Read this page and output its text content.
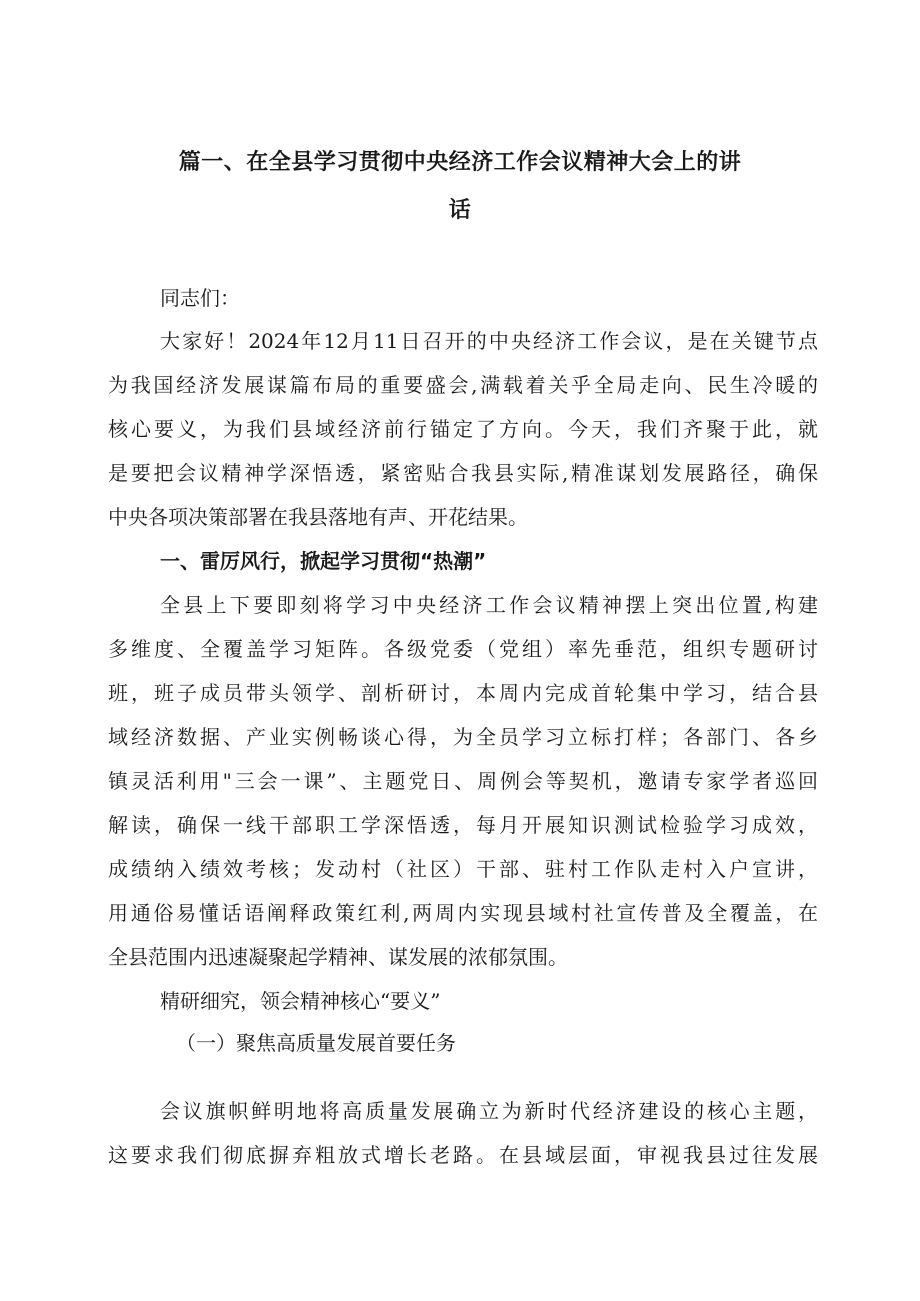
篇一、在全县学习贯彻中央经济工作会议精神大会上的讲
话
同志们：
大家好！2024年12月11日召开的中央经济工作会议，是在关键节点
为我国经济发展谋篇布局的重要盛会,满载着关乎全局走向、民生冷暖的
核心要义，为我们县域经济前行锚定了方向。今天，我们齐聚于此，就
是要把会议精神学深悟透，紧密贴合我县实际,精准谋划发展路径，确保
中央各项决策部署在我县落地有声、开花结果。
一、雷厉风行，掀起学习贯彻“热潮”
全县上下要即刻将学习中央经济工作会议精神摆上突出位置,构建
多维度、全覆盖学习矩阵。各级党委（党组）率先垂范，组织专题研讨
班，班子成员带头领学、剖析研讨，本周内完成首轮集中学习，结合县
域经济数据、产业实例畅谈心得，为全员学习立标打样；各部门、各乡
镇灵活利用"三会一课”、主题党日、周例会等契机，邀请专家学者巡回
解读，确保一线干部职工学深悟透，每月开展知识测试检验学习成效，
成绩纳入绩效考核；发动村（社区）干部、驻村工作队走村入户宣讲，
用通俗易懂话语阐释政策红利,两周内实现县域村社宣传普及全覆盖，在
全县范围内迅速凝聚起学精神、谋发展的浓郁氛围。
精研细究，领会精神核心“要义”
（一）聚焦高质量发展首要任务
会议旗帜鲜明地将高质量发展确立为新时代经济建设的核心主题，
这要求我们彻底摒弃粗放式增长老路。在县域层面，审视我县过往发展
